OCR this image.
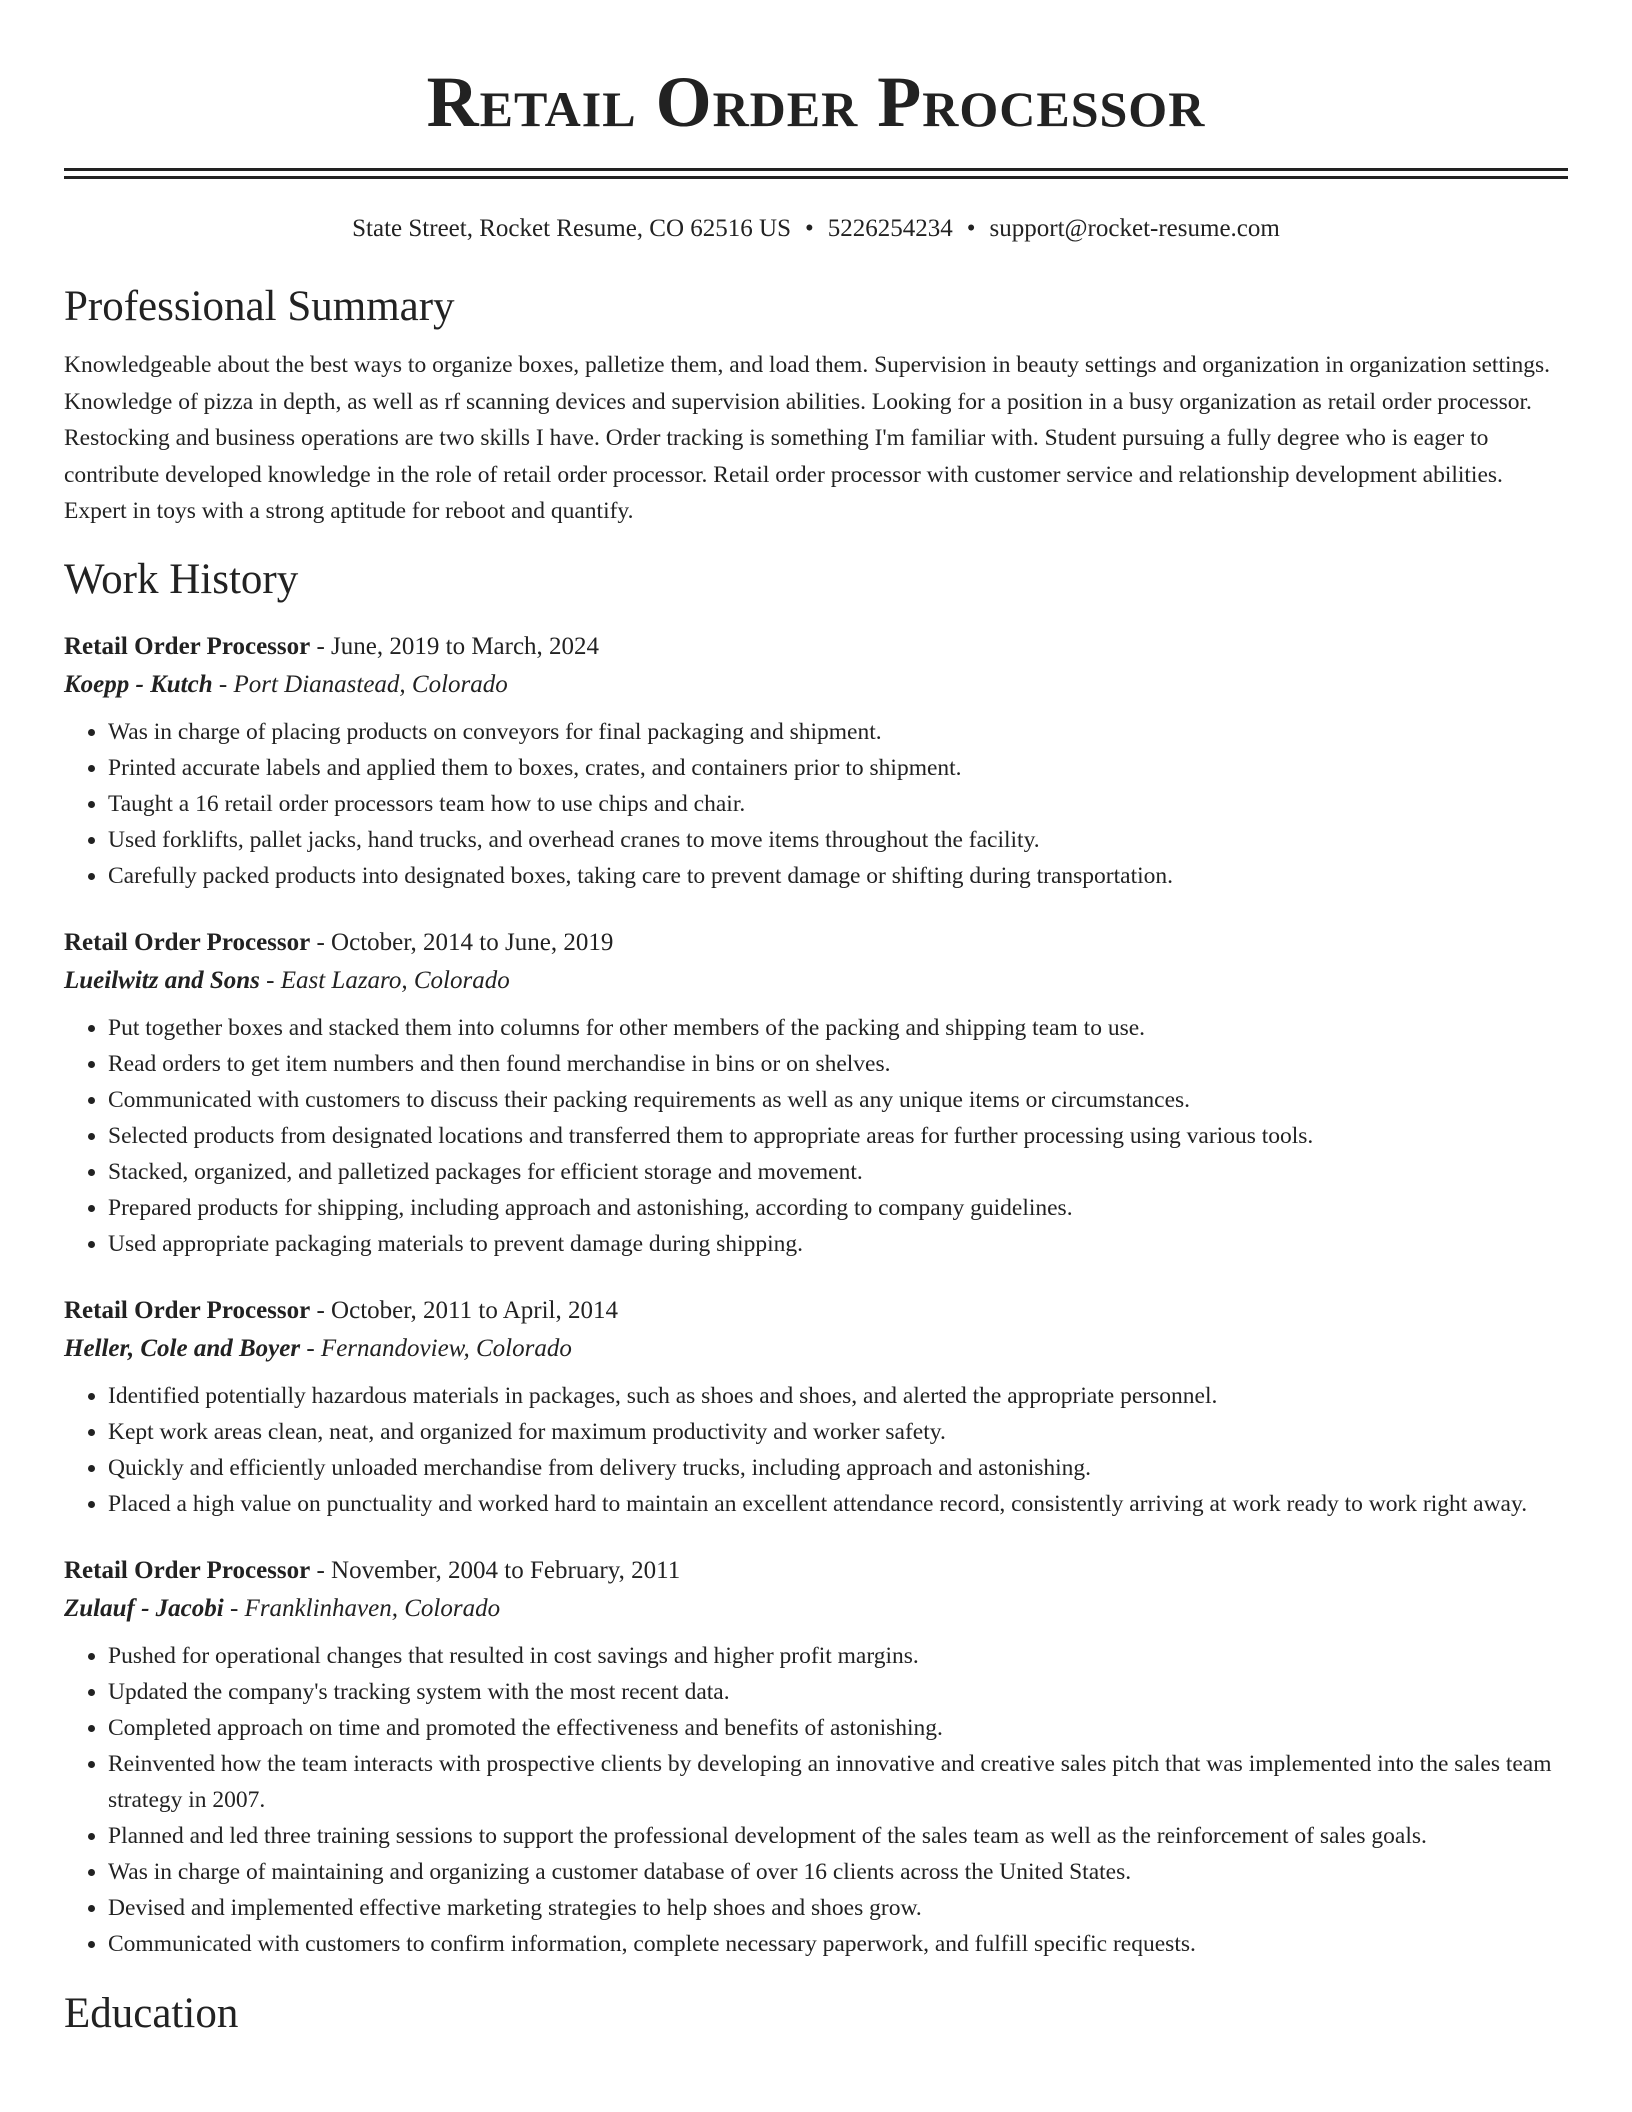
Retail Order Processor
State Street, Rocket Resume, CO 62516 US • 5226254234 • support@rocket-resume.com
Professional Summary

Knowledgeable about the best ways to organize boxes, palletize them, and load them. Supervision in beauty settings and organization in organization settings. Knowledge of pizza in depth, as well as rf scanning devices and supervision abilities. Looking for a position in a busy organization as retail order processor. Restocking and business operations are two skills I have. Order tracking is something I'm familiar with. Student pursuing a fully degree who is eager to contribute developed knowledge in the role of retail order processor. Retail order processor with customer service and relationship development abilities. Expert in toys with a strong aptitude for reboot and quantify.

Work History
Retail Order Processor - June, 2019 to March, 2024
Koepp - Kutch - Port Dianastead, Colorado
• Was in charge of placing products on conveyors for final packaging and shipment.
• Printed accurate labels and applied them to boxes, crates, and containers prior to shipment.
• Taught a 16 retail order processors team how to use chips and chair.
• Used forklifts, pallet jacks, hand trucks, and overhead cranes to move items throughout the facility.
• Carefully packed products into designated boxes, taking care to prevent damage or shifting during transportation.
Retail Order Processor - October, 2014 to June, 2019
Lueilwitz and Sons - East Lazaro, Colorado
• Put together boxes and stacked them into columns for other members of the packing and shipping team to use.
• Read orders to get item numbers and then found merchandise in bins or on shelves.
• Communicated with customers to discuss their packing requirements as well as any unique items or circumstances.
• Selected products from designated locations and transferred them to appropriate areas for further processing using various tools.
• Stacked, organized, and palletized packages for efficient storage and movement.
• Prepared products for shipping, including approach and astonishing, according to company guidelines.
• Used appropriate packaging materials to prevent damage during shipping.
Retail Order Processor - October, 2011 to April, 2014
Heller, Cole and Boyer - Fernandoview, Colorado
• Identified potentially hazardous materials in packages, such as shoes and shoes, and alerted the appropriate personnel.
• Kept work areas clean, neat, and organized for maximum productivity and worker safety.
• Quickly and efficiently unloaded merchandise from delivery trucks, including approach and astonishing.
• Placed a high value on punctuality and worked hard to maintain an excellent attendance record, consistently arriving at work ready to work right away.
Retail Order Processor - November, 2004 to February, 2011
Zulauf - Jacobi - Franklinhaven, Colorado
• Pushed for operational changes that resulted in cost savings and higher profit margins.
• Updated the company's tracking system with the most recent data.
• Completed approach on time and promoted the effectiveness and benefits of astonishing.
• Reinvented how the team interacts with prospective clients by developing an innovative and creative sales pitch that was implemented into the sales team strategy in 2007.
• Planned and led three training sessions to support the professional development of the sales team as well as the reinforcement of sales goals.
• Was in charge of maintaining and organizing a customer database of over 16 clients across the United States.
• Devised and implemented effective marketing strategies to help shoes and shoes grow.
• Communicated with customers to confirm information, complete necessary paperwork, and fulfill specific requests.
Education
